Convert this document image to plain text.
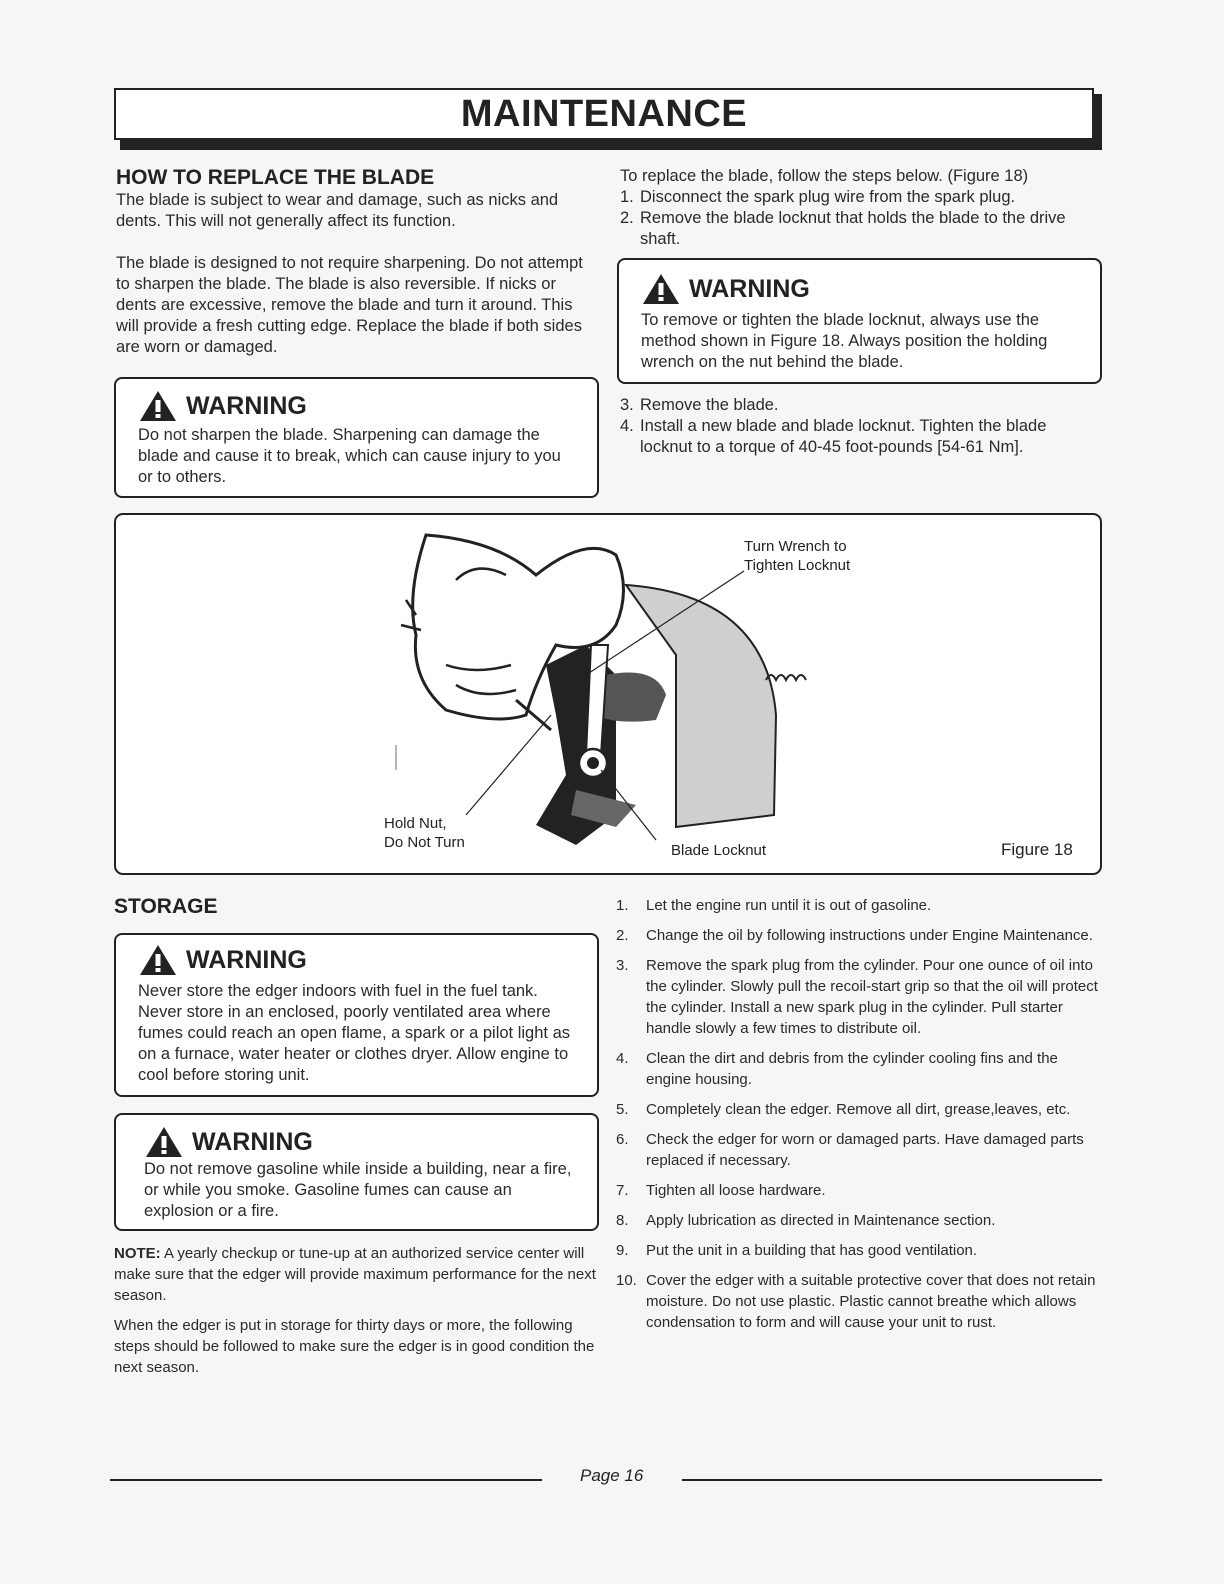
MAINTENANCE
HOW TO REPLACE THE BLADE

The blade is subject to wear and damage, such as nicks and dents. This will not generally affect its function.

The blade is designed to not require sharpening. Do not attempt to sharpen the blade. The blade is also reversible. If nicks or dents are excessive, remove the blade and turn it around. This will provide a fresh cutting edge. Replace the blade if both sides are worn or damaged.

WARNING
Do not sharpen the blade. Sharpening can damage the blade and cause it to break, which can cause injury to you or to others.

To replace the blade, follow the steps below. (Figure 18)

1. Disconnect the spark plug wire from the spark plug.
2. Remove the blade locknut that holds the blade to the drive shaft.
WARNING
To remove or tighten the blade locknut, always use the method shown in Figure 18. Always position the holding wrench on the nut behind the blade.
3. Remove the blade.
4. Install a new blade and blade locknut. Tighten the blade locknut to a torque of 40-45 foot-pounds [54-61 Nm].
Turn Wrench to
Tighten Locknut
Hold Nut,
Do Not Turn	Blade Locknut	Figure 18
STORAGE
WARNING
Never store the edger indoors with fuel in the fuel tank. Never store in an enclosed, poorly ventilated area where fumes could reach an open flame, a spark or a pilot light as on a furnace, water heater or clothes dryer. Allow engine to cool before storing unit.
WARNING
Do not remove gasoline while inside a building, near a fire, or while you smoke. Gasoline fumes can cause an explosion or a fire.

NOTE: A yearly checkup or tune-up at an authorized service center will make sure that the edger will provide maximum performance for the next season.

When the edger is put in storage for thirty days or more, the following steps should be followed to make sure the edger is in good condition the next season.

1.	Let the engine run until it is out of gasoline.
2.	Change the oil by following instructions under Engine Maintenance.
3.	Remove the spark plug from the cylinder. Pour one ounce of oil into the cylinder. Slowly pull the recoil-start grip so that the oil will protect the cylinder. Install a new spark plug in the cylinder. Pull starter handle slowly a few times to distribute oil.
4.	Clean the dirt and debris from the cylinder cooling fins and the engine housing.
5.	Completely clean the edger. Remove all dirt, grease,leaves, etc.
6.	Check the edger for worn or damaged parts. Have damaged parts replaced if necessary.
7.	Tighten all loose hardware.
8.	Apply lubrication as directed in Maintenance section.
9.	Put the unit in a building that has good ventilation.
10. Cover the edger with a suitable protective cover that does not retain moisture. Do not use plastic. Plastic cannot breathe which allows condensation to form and will cause your unit to rust.
Page 16
